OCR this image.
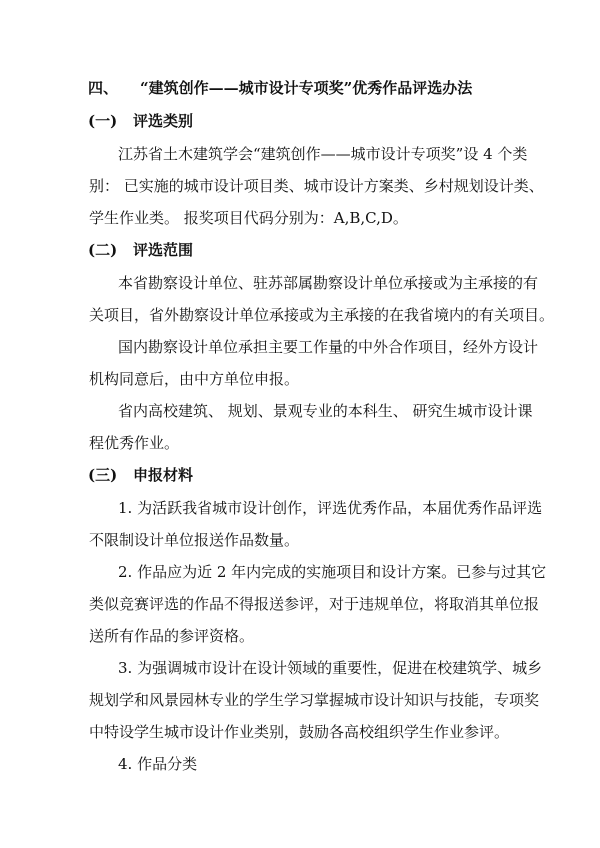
四、 “建筑创作——城市设计专项奖”优秀作品评选办法
(一) 评选类别
江苏省土木建筑学会“建筑创作——城市设计专项奖”设 4 个类
别： 已实施的城市设计项目类、城市设计方案类、乡村规划设计类、
学生作业类。 报奖项目代码分别为：A,B,C,D。
(二) 评选范围
本省勘察设计单位、驻苏部属勘察设计单位承接或为主承接的有
关项目，省外勘察设计单位承接或为主承接的在我省境内的有关项目。
国内勘察设计单位承担主要工作量的中外合作项目，经外方设计
机构同意后，由中方单位申报。
省内高校建筑、 规划、景观专业的本科生、 研究生城市设计课
程优秀作业。
(三) 申报材料
1. 为活跃我省城市设计创作，评选优秀作品，本届优秀作品评选
不限制设计单位报送作品数量。
2. 作品应为近 2 年内完成的实施项目和设计方案。已参与过其它
类似竞赛评选的作品不得报送参评，对于违规单位，将取消其单位报
送所有作品的参评资格。
3. 为强调城市设计在设计领域的重要性，促进在校建筑学、城乡
规划学和风景园林专业的学生学习掌握城市设计知识与技能，专项奖
中特设学生城市设计作业类别，鼓励各高校组织学生作业参评。
4. 作品分类
